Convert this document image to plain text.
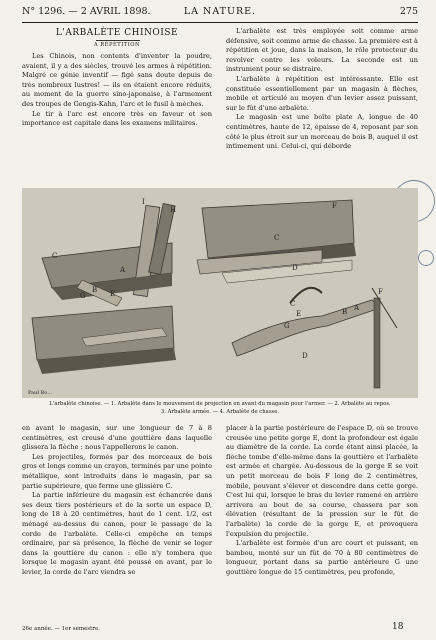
N° 1296. — 2 AVRIL 1898.	LA NATURE.	275
L'ARBALÈTE CHINOISE
A RÉPÉTITION

Les Chinois, non contents d'inventer la poudre, avaient, il y a des siècles, trouvé les armes à répétition. Malgré ce génie inventif — figé sans doute depuis de très nombreux lustres! — ils en étaient encore réduits, au moment de la guerre sino-japonaise, à l'armement des troupes de Gengis-Kahn, l'arc et le fusil à mèches.

Le tir à l'arc est encore très en faveur et son importance est capitale dans les examens militaires.

L'arbalète est très employée soit comme arme défensive, soit comme arme de chasse. La première est à répétition et joue, dans la maison, le rôle protecteur du revolver contre les voleurs. La seconde est un instrument pour se distraire.

L'arbalète à répétition est intéressante. Elle est constituée essentiellement par un magasin à flèches, mobile et articulé au moyen d'un levier assez puissant, sur le fût d'une arbalète.

Le magasin est une boîte plate A, longue de 40 centimètres, haute de 12, épaisse de 4, reposant par son côté le plus étroit sur un morceau de bois B, auquel il est intimement uni. Celui-ci, qui déborde

I
H
C
A
G	E
B
C
D
F
G
E	B A
F
C
D
Paul Bo…
L'arbalète chinoise. — 1. Arbalète dans le mouvement de projection en avant du magasin pour l'armer. — 2. Arbalète au repos.
3. Arbalète armée. — 4. Arbalète de chasse.

en avant le magasin, sur une longueur de 7 à 8 centimètres, est creusé d'une gouttière dans laquelle glissera la flèche : nous l'appellerons le canon.

Les projectiles, formés par des morceaux de bois gros et longs comme un crayon, terminés par une pointe métallique, sont introduits dans le magasin, par sa partie supérieure, que ferme une glissière C.

La partie inférieure du magasin est échancrée dans ses deux tiers postérieurs et de la sorte un espace D, long de 18 à 20 centimètres, haut de 1 cent. 1/2, est ménagé au-dessus du canon, pour le passage de la corde de l'arbalète. Celle-ci empêche en temps ordinaire, par sa présence, la flèche de venir se loger dans la gouttière du canon : elle n'y tombera que lorsque le magasin ayant été poussé en avant, par le levier, la corde de l'arc viendra se

placer à la partie postérieure de l'espace D, où se trouve creusée une petite gorge E, dont la profondeur est égale au diamètre de la corde. La corde étant ainsi placée, la flèche tombe d'elle-même dans la gouttière et l'arbalète est armée et chargée. Au-dessous de la gorge E se voit un petit morceau de bois F long de 2 centimètres, mobile, pouvant s'élever et descendre dans cette gorge. C'est lui qui, lorsque le bras du levier ramené en arrière arrivera au bout de sa course, chassera par son élévation (résultant de la pression sur le fût de l'arbalète) la corde de la gorge E, et provoquera l'expulsion du projectile.

L'arbalète est formée d'un arc court et puissant, en bambou, monté sur un fût de 70 à 80 centimètres de longueur, portant dans sa partie antérieure G une gouttière longue de 15 centimètres, peu profonde,

26e année. — 1er semestre.	18
